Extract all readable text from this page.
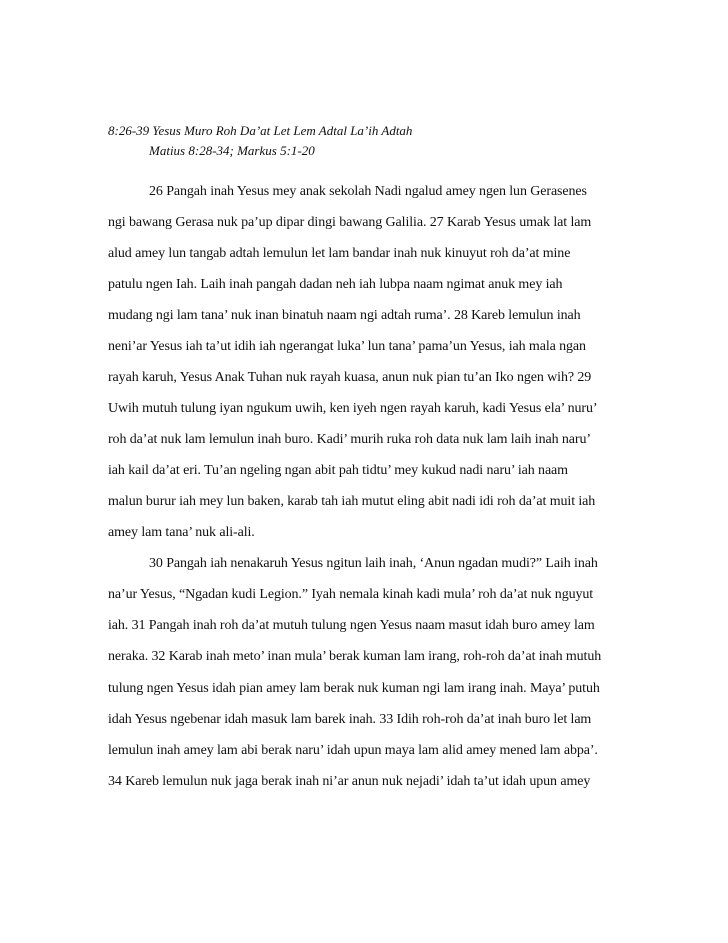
8:26-39 Yesus Muro Roh Da’at Let Lem Adtal La’ih Adtah
Matius 8:28-34; Markus 5:1-20
26 Pangah inah Yesus mey anak sekolah Nadi ngalud amey ngen lun Gerasenes
ngi bawang Gerasa nuk pa’up dipar dingi bawang Galilia. 27 Karab Yesus umak lat lam
alud amey lun tangab adtah lemulun let lam bandar inah nuk kinuyut roh da’at mine
patulu ngen Iah. Laih inah pangah dadan neh iah lubpa naam ngimat anuk mey iah
mudang ngi lam tana’ nuk inan binatuh naam ngi adtah ruma’. 28 Kareb lemulun inah
neni’ar Yesus iah ta’ut idih iah ngerangat luka’ lun tana’ pama’un Yesus, iah mala ngan
rayah karuh, Yesus Anak Tuhan nuk rayah kuasa, anun nuk pian tu’an Iko ngen wih? 29
Uwih mutuh tulung iyan ngukum uwih, ken iyeh ngen rayah karuh, kadi Yesus ela’ nuru’
roh da’at nuk lam lemulun inah buro. Kadi’ murih ruka roh data nuk lam laih inah naru’
iah kail da’at eri. Tu’an ngeling ngan abit pah tidtu’ mey kukud nadi naru’ iah naam
malun burur iah mey lun baken, karab tah iah mutut eling abit nadi idi roh da’at muit iah
amey lam tana’ nuk ali-ali.
30 Pangah iah nenakaruh Yesus ngitun laih inah, ‘Anun ngadan mudi?” Laih inah
na’ur Yesus, “Ngadan kudi Legion.” Iyah nemala kinah kadi mula’ roh da’at nuk nguyut
iah. 31 Pangah inah roh da’at mutuh tulung ngen Yesus naam masut idah buro amey lam
neraka. 32 Karab inah meto’ inan mula’ berak kuman lam irang, roh-roh da’at inah mutuh
tulung ngen Yesus idah pian amey lam berak nuk kuman ngi lam irang inah. Maya’ putuh
idah Yesus ngebenar idah masuk lam barek inah. 33 Idih roh-roh da’at inah buro let lam
lemulun inah amey lam abi berak naru’ idah upun maya lam alid amey mened lam abpa’.
34 Kareb lemulun nuk jaga berak inah ni’ar anun nuk nejadi’ idah ta’ut idah upun amey
